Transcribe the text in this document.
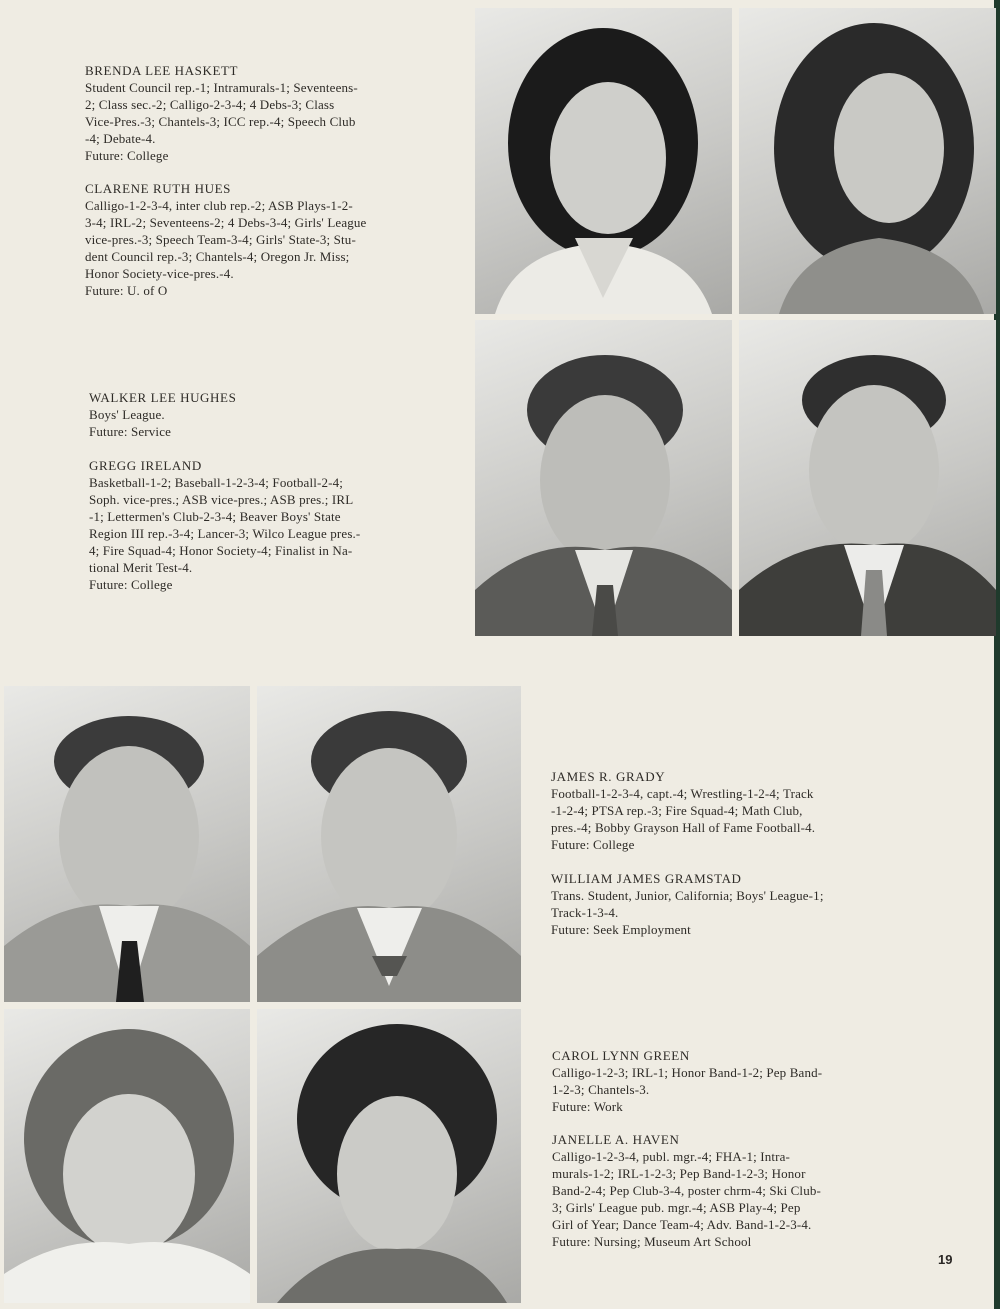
BRENDA LEE HASKETT
Student Council rep.-1; Intramurals-1; Seventeens-
2; Class sec.-2; Calligo-2-3-4; 4 Debs-3; Class
Vice-Pres.-3; Chantels-3; ICC rep.-4; Speech Club
-4; Debate-4.
Future: College
CLARENE RUTH HUES
Calligo-1-2-3-4, inter club rep.-2; ASB Plays-1-2-
3-4; IRL-2; Seventeens-2; 4 Debs-3-4; Girls' League
vice-pres.-3; Speech Team-3-4; Girls' State-3; Stu-
dent Council rep.-3; Chantels-4; Oregon Jr. Miss;
Honor Society-vice-pres.-4.
Future: U. of O
WALKER LEE HUGHES
Boys' League.
Future: Service
GREGG IRELAND
Basketball-1-2; Baseball-1-2-3-4; Football-2-4;
Soph. vice-pres.; ASB vice-pres.; ASB pres.; IRL
-1; Lettermen's Club-2-3-4; Beaver Boys' State
Region III rep.-3-4; Lancer-3; Wilco League pres.-
4; Fire Squad-4; Honor Society-4; Finalist in Na-
tional Merit Test-4.
Future: College
JAMES R. GRADY
Football-1-2-3-4, capt.-4; Wrestling-1-2-4; Track
-1-2-4; PTSA rep.-3; Fire Squad-4; Math Club,
pres.-4; Bobby Grayson Hall of Fame Football-4.
Future: College
WILLIAM JAMES GRAMSTAD
Trans. Student, Junior, California; Boys' League-1;
Track-1-3-4.
Future: Seek Employment
CAROL LYNN GREEN
Calligo-1-2-3; IRL-1; Honor Band-1-2; Pep Band-
1-2-3; Chantels-3.
Future: Work
JANELLE A. HAVEN
Calligo-1-2-3-4, publ. mgr.-4; FHA-1; Intra-
murals-1-2; IRL-1-2-3; Pep Band-1-2-3; Honor
Band-2-4; Pep Club-3-4, poster chrm-4; Ski Club-
3; Girls' League pub. mgr.-4; ASB Play-4; Pep
Girl of Year; Dance Team-4; Adv. Band-1-2-3-4.
Future: Nursing; Museum Art School
19
